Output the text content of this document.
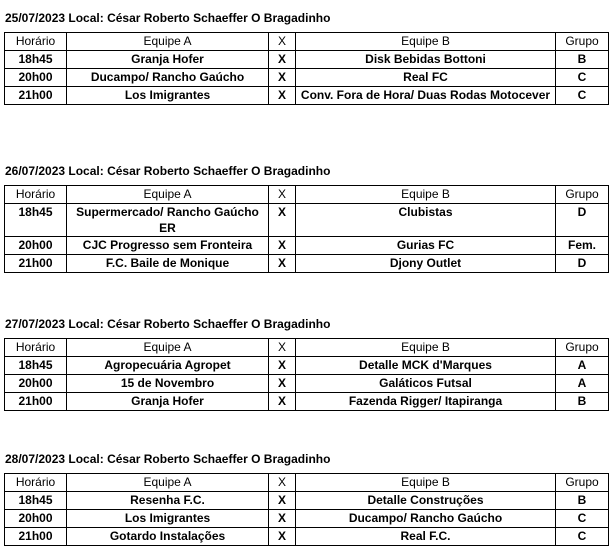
25/07/2023 Local: César Roberto Schaeffer O Bragadinho
Horário	Equipe A	X	Equipe B	Grupo
18h45	Granja Hofer	X	Disk Bebidas Bottoni	B
20h00	Ducampo/ Rancho Gaúcho	X	Real FC	C
21h00	Los Imigrantes	X	Conv. Fora de Hora/ Duas Rodas Motocever	C
26/07/2023 Local: César Roberto Schaeffer O Bragadinho
Horário	Equipe A	X	Equipe B	Grupo
18h45	Supermercado/ Rancho Gaúcho ER	X	Clubistas	D
20h00	CJC Progresso sem Fronteira	X	Gurias FC	Fem.
21h00	F.C. Baile de Monique	X	Djony Outlet	D
27/07/2023 Local: César Roberto Schaeffer O Bragadinho
Horário	Equipe A	X	Equipe B	Grupo
18h45	Agropecuária Agropet	X	Detalle MCK d'Marques	A
20h00	15 de Novembro	X	Galáticos Futsal	A
21h00	Granja Hofer	X	Fazenda Rigger/ Itapiranga	B
28/07/2023 Local: César Roberto Schaeffer O Bragadinho
Horário	Equipe A	X	Equipe B	Grupo
18h45	Resenha F.C.	X	Detalle Construções	B
20h00	Los Imigrantes	X	Ducampo/ Rancho Gaúcho	C
21h00	Gotardo Instalações	X	Real F.C.	C
